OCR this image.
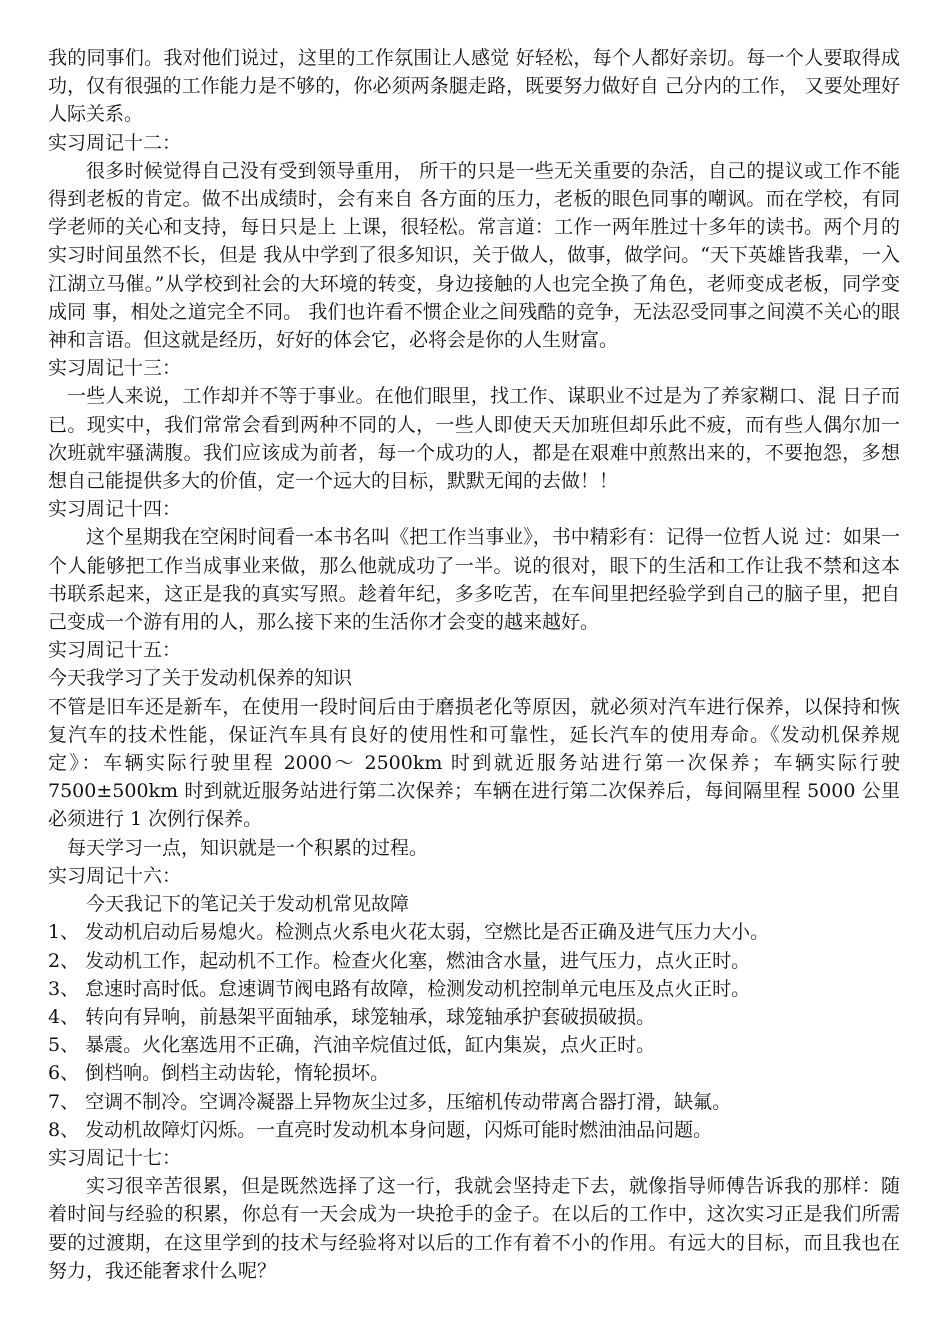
我的同事们。我对他们说过，这里的工作氛围让人感觉 好轻松，每个人都好亲切。每一个人要取得成功，仅有很强的工作能力是不够的，你必须两条腿走路，既要努力做好自 己分内的工作， 又要处理好人际关系。

实习周记十二：

很多时候觉得自己没有受到领导重用， 所干的只是一些无关重要的杂活，自己的提议或工作不能得到老板的肯定。做不出成绩时，会有来自 各方面的压力，老板的眼色同事的嘲讽。而在学校，有同学老师的关心和支持，每日只是上 上课，很轻松。常言道：工作一两年胜过十多年的读书。两个月的实习时间虽然不长，但是 我从中学到了很多知识，关于做人，做事，做学问。“天下英雄皆我辈，一入江湖立马催。”从学校到社会的大环境的转变，身边接触的人也完全换了角色，老师变成老板，同学变成同 事，相处之道完全不同。 我们也许看不惯企业之间残酷的竞争，无法忍受同事之间漠不关心的眼神和言语。但这就是经历，好好的体会它，必将会是你的人生财富。

实习周记十三：

一些人来说，工作却并不等于事业。在他们眼里，找工作、谋职业不过是为了养家糊口、混 日子而已。现实中，我们常常会看到两种不同的人，一些人即使天天加班但却乐此不疲，而有些人偶尔加一次班就牢骚满腹。我们应该成为前者，每一个成功的人，都是在艰难中煎熬出来的，不要抱怨，多想想自己能提供多大的价值，定一个远大的目标，默默无闻的去做！！

实习周记十四：

这个星期我在空闲时间看一本书名叫《把工作当事业》，书中精彩有：记得一位哲人说 过：如果一个人能够把工作当成事业来做，那么他就成功了一半。说的很对，眼下的生活和工作让我不禁和这本书联系起来，这正是我的真实写照。趁着年纪，多多吃苦，在车间里把经验学到自己的脑子里，把自己变成一个游有用的人，那么接下来的生活你才会变的越来越好。

实习周记十五：

今天我学习了关于发动机保养的知识

不管是旧车还是新车，在使用一段时间后由于磨损老化等原因，就必须对汽车进行保养，以保持和恢复汽车的技术性能，保证汽车具有良好的使用性和可靠性，延长汽车的使用寿命。《发动机保养规定》：车辆实际行驶里程 2000～ 2500km 时到就近服务站进行第一次保养；车辆实际行驶 7500±500km 时到就近服务站进行第二次保养；车辆在进行第二次保养后，每间隔里程 5000 公里必须进行 1 次例行保养。

每天学习一点，知识就是一个积累的过程。

实习周记十六：

今天我记下的笔记关于发动机常见故障

1、 发动机启动后易熄火。检测点火系电火花太弱，空燃比是否正确及进气压力大小。

2、 发动机工作，起动机不工作。检查火化塞，燃油含水量，进气压力，点火正时。

3、 怠速时高时低。怠速调节阀电路有故障，检测发动机控制单元电压及点火正时。

4、 转向有异响，前悬架平面轴承，球笼轴承，球笼轴承护套破损破损。

5、 暴震。火化塞选用不正确，汽油辛烷值过低，缸内集炭，点火正时。

6、 倒档响。倒档主动齿轮，惰轮损坏。

7、 空调不制冷。空调冷凝器上异物灰尘过多，压缩机传动带离合器打滑，缺氟。

8、 发动机故障灯闪烁。一直亮时发动机本身问题，闪烁可能时燃油油品问题。

实习周记十七：

实习很辛苦很累，但是既然选择了这一行，我就会坚持走下去，就像指导师傅告诉我的那样：随着时间与经验的积累，你总有一天会成为一块抢手的金子。在以后的工作中，这次实习正是我们所需要的过渡期，在这里学到的技术与经验将对以后的工作有着不小的作用。有远大的目标，而且我也在努力，我还能奢求什么呢？
